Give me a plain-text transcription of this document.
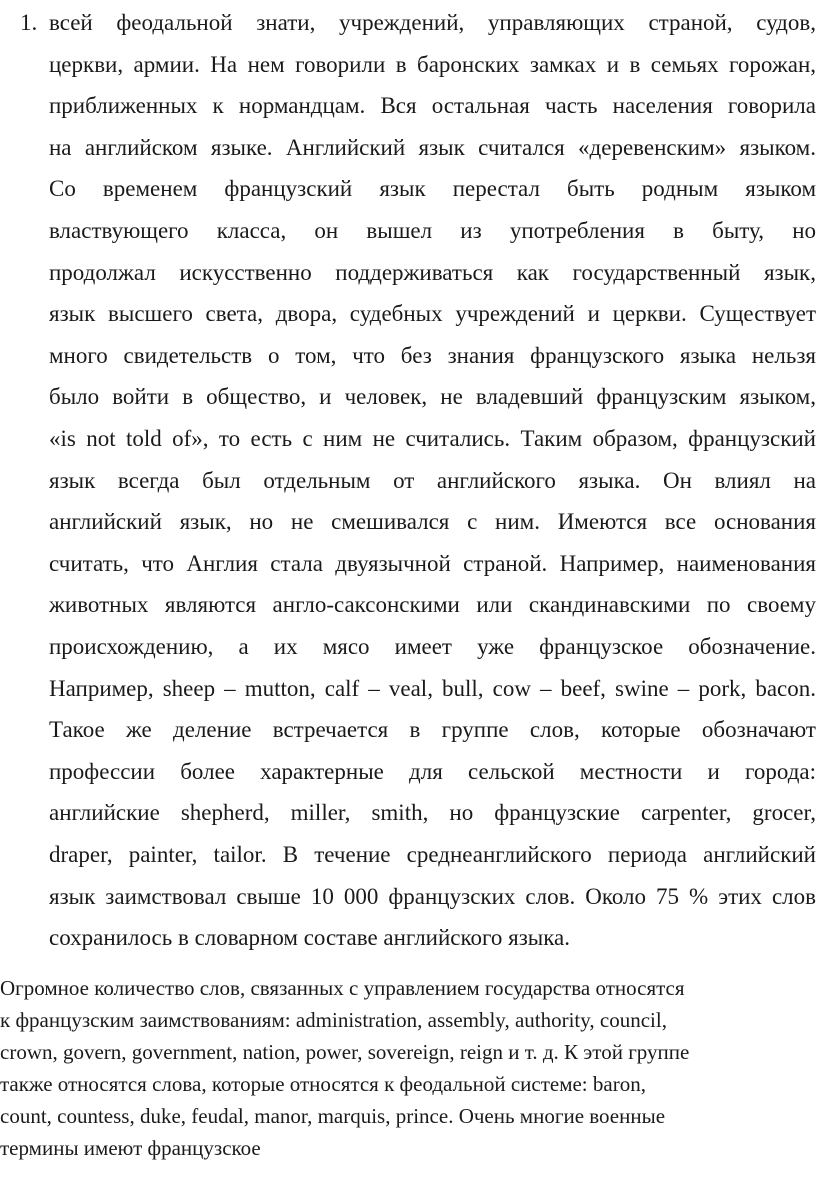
1. всей феодальной знати, учреждений, управляющих страной, судов,
церкви, армии. На нем говорили в баронских замках и в семьях горожан,
приближенных к нормандцам. Вся остальная часть населения говорила
на английском языке. Английский язык считался «деревенским» языком.
Со временем французский язык перестал быть родным языком
властвующего класса, он вышел из употребления в быту, но
продолжал искусственно поддерживаться как государственный язык,
язык высшего света, двора, судебных учреждений и церкви. Существует
много свидетельств о том, что без знания французского языка нельзя
было войти в общество, и человек, не владевший французским языком,
«is not told of», то есть с ним не считались. Таким образом, французский
язык всегда был отдельным от английского языка. Он влиял на
английский язык, но не смешивался с ним. Имеются все основания
считать, что Англия стала двуязычной страной. Например, наименования
животных являются англо-саксонскими или скандинавскими по своему
происхождению, а их мясо имеет уже французское обозначение.
Например, sheep – mutton, calf – veal, bull, cow – beef, swine – pork, bacon.
Такое же деление встречается в группе слов, которые обозначают
профессии более характерные для сельской местности и города:
английские shepherd, miller, smith, но французские carpenter, grocer,
draper, painter, tailor. В течение среднеанглийского периода английский
язык заимствовал свыше 10 000 французских слов. Около 75 % этих слов
сохранилось в словарном составе английского языка.
Огромное количество слов, связанных с управлением государства относятся
к французским заимствованиям: administration, assembly, authority, council,
crown, govern, government, nation, power, sovereign, reign и т. д. К этой группе
также относятся слова, которые относятся к феодальной системе: baron,
count, countess, duke, feudal, manor, marquis, prince. Очень многие военные
термины имеют французское
